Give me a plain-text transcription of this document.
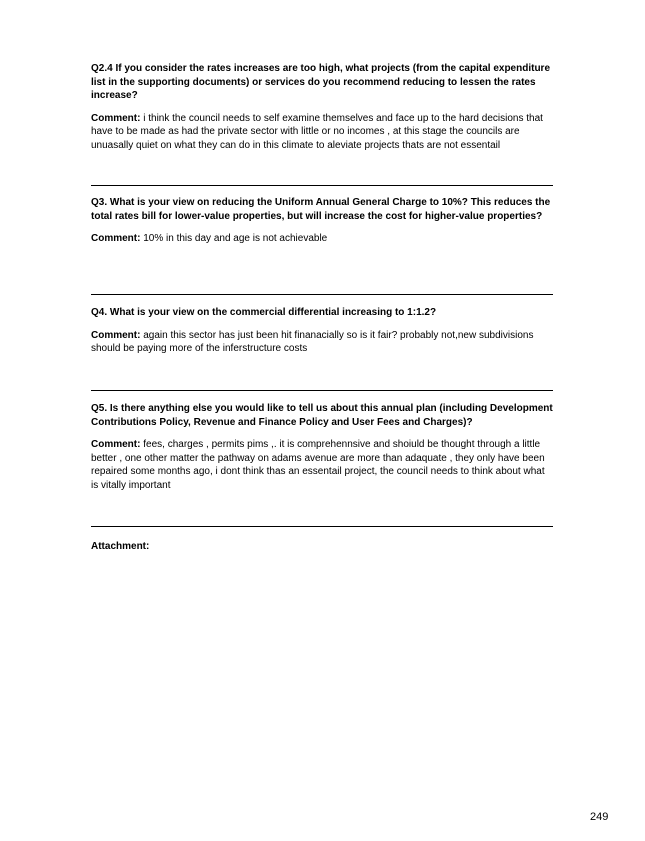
Q2.4 If you consider the rates increases are too high, what projects (from the capital expenditure list in the supporting documents) or services do you recommend reducing to lessen the rates increase?

Comment: i think the council needs to self examine themselves and face up to the hard decisions that have to be made as had the private sector with little or no incomes , at this stage the councils are unuasally quiet on what they can do in this climate to aleviate projects thats are not essentail

Q3. What is your view on reducing the Uniform Annual General Charge to 10%? This reduces the total rates bill for lower-value properties, but will increase the cost for higher-value properties?

Comment: 10% in this day and age is not achievable

Q4. What is your view on the commercial differential increasing to 1:1.2?

Comment: again this sector has just been hit finanacially so is it fair? probably not,new subdivisions should be paying more of the inferstructure costs

Q5. Is there anything else you would like to tell us about this annual plan (including Development Contributions Policy, Revenue and Finance Policy and User Fees and Charges)?

Comment: fees, charges , permits pims ,. it is comprehennsive and shoiuld be thought through a little better , one other matter the pathway on adams avenue are more than adaquate , they only have been repaired some months ago, i dont think thas an essentail project, the council needs to think about what is vitally important

Attachment:
249
